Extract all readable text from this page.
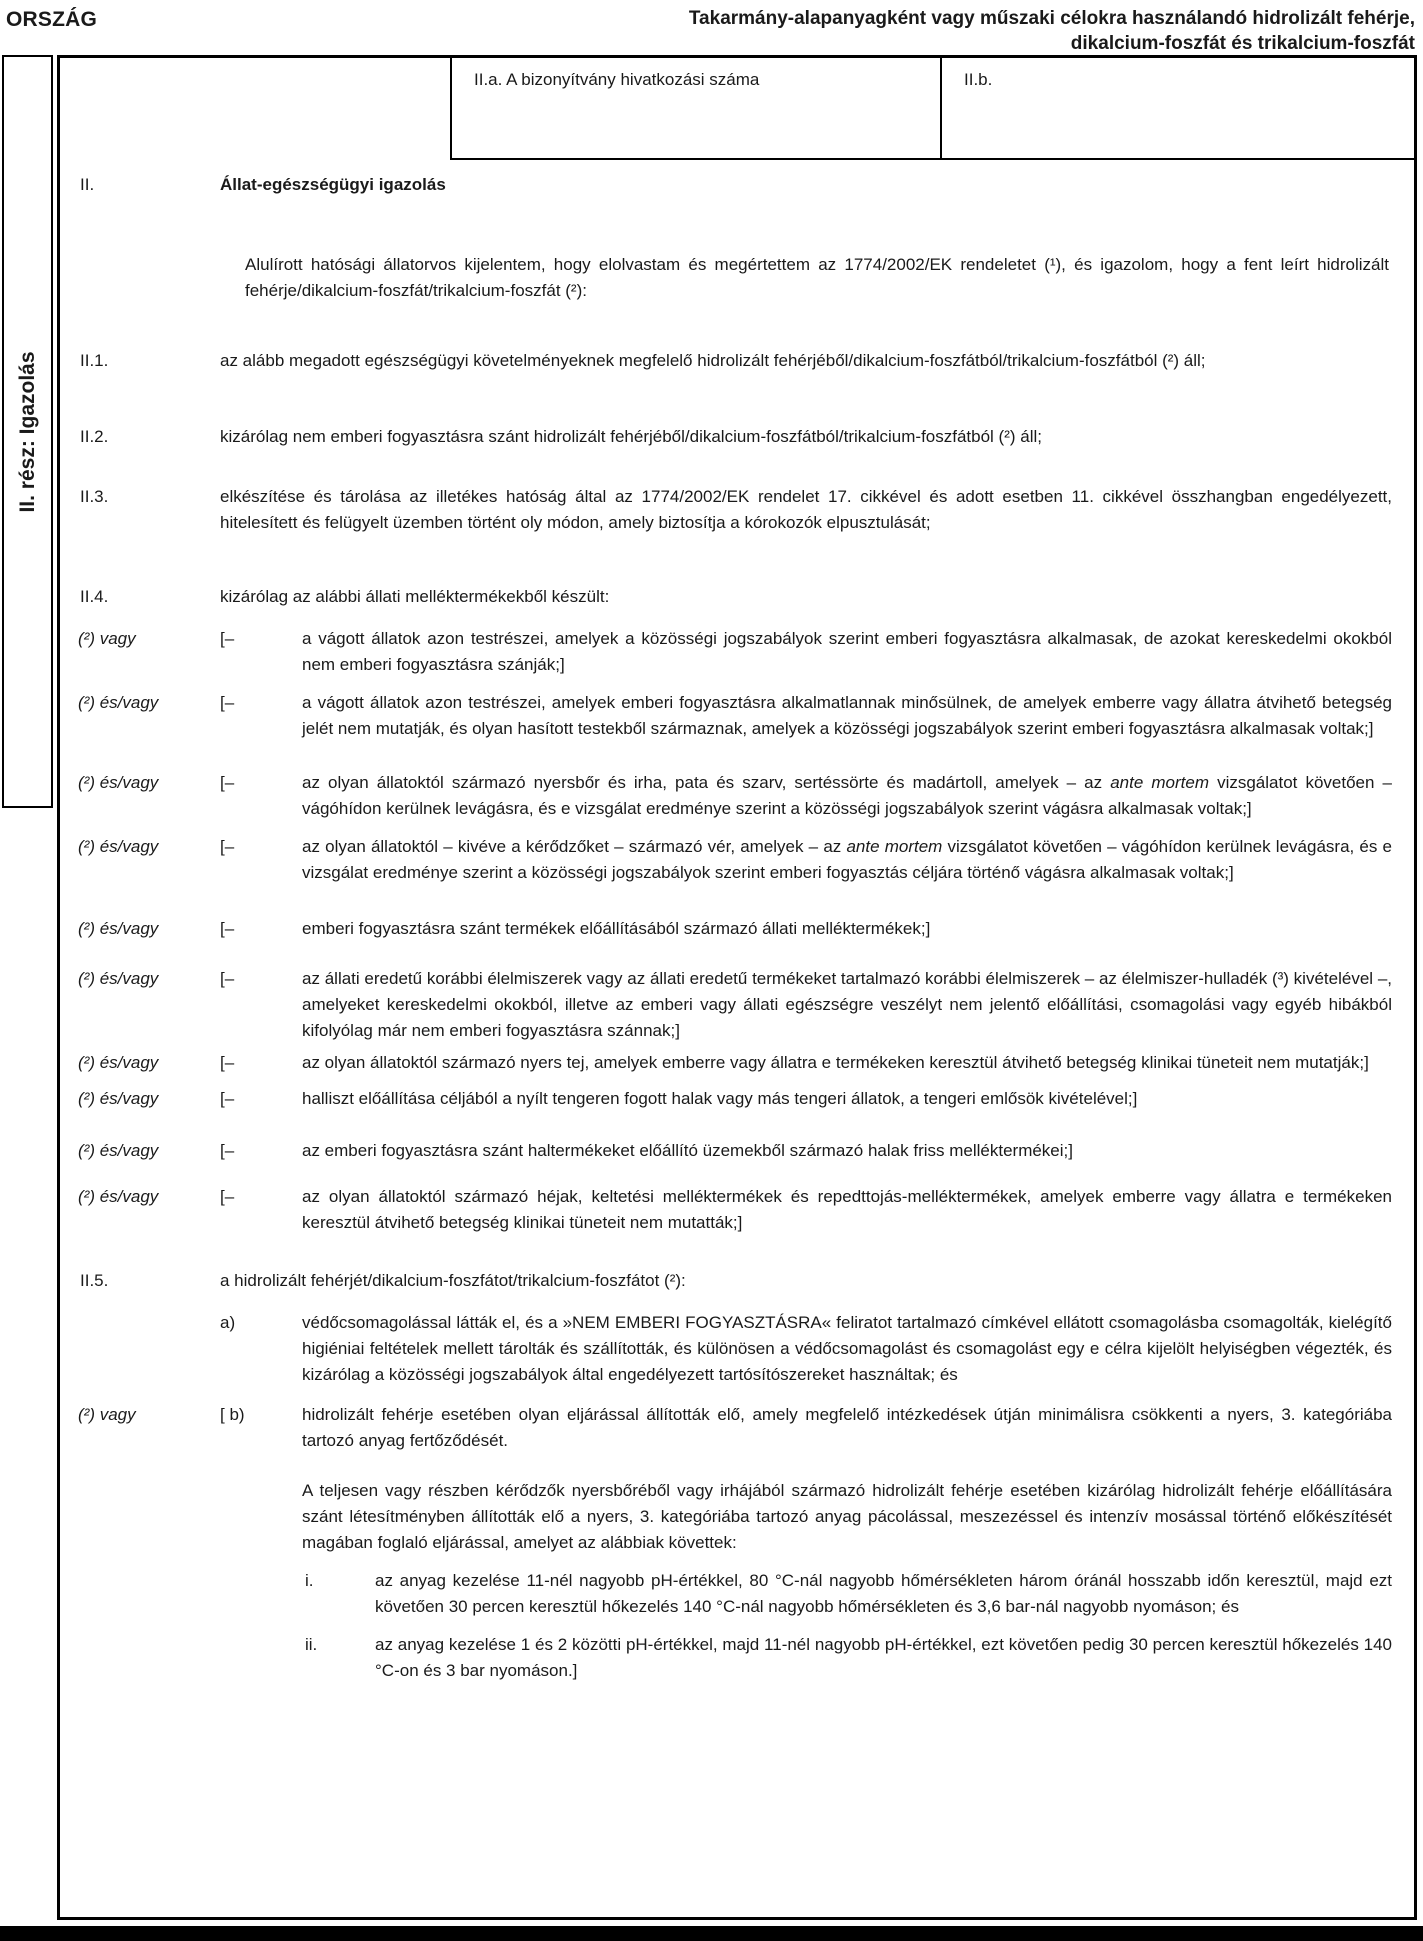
ORSZÁG	Takarmány-alapanyagként vagy műszaki célokra használandó hidrolizált fehérje,
dikalcium-foszfát és trikalcium-foszfát
II. rész: Igazolás
II.a. A bizonyítvány hivatkozási száma	II.b.
II.	Állat-egészségügyi igazolás
Alulírott hatósági állatorvos kijelentem, hogy elolvastam és megértettem az 1774/2002/EK rendeletet (¹), és igazolom, hogy a fent leírt hidrolizált fehérje/dikalcium-foszfát/trikalcium-foszfát (²):
II.1.	az alább megadott egészségügyi követelményeknek megfelelő hidrolizált fehérjéből/dikalcium-foszfátból/trikalcium-foszfátból (²) áll;
II.2.	kizárólag nem emberi fogyasztásra szánt hidrolizált fehérjéből/dikalcium-foszfátból/trikalcium-foszfátból (²) áll;
II.3.	elkészítése és tárolása az illetékes hatóság által az 1774/2002/EK rendelet 17. cikkével és adott esetben 11. cikkével összhangban engedélyezett, hitelesített és felügyelt üzemben történt oly módon, amely biztosítja a kórokozók elpusztulását;
II.4.	kizárólag az alábbi állati melléktermékekből készült:
(²) vagy	[–	a vágott állatok azon testrészei, amelyek a közösségi jogszabályok szerint emberi fogyasztásra alkalmasak, de azokat kereskedelmi okokból nem emberi fogyasztásra szánják;]
(²) és/vagy	[–	a vágott állatok azon testrészei, amelyek emberi fogyasztásra alkalmatlannak minősülnek, de amelyek emberre vagy állatra átvihető betegség jelét nem mutatják, és olyan hasított testekből származnak, amelyek a közösségi jogszabályok szerint emberi fogyasztásra alkalmasak voltak;]
(²) és/vagy	[–	az olyan állatoktól származó nyersbőr és irha, pata és szarv, sertéssörte és madártoll, amelyek – az ante mortem vizsgálatot követően – vágóhídon kerülnek levágásra, és e vizsgálat eredménye szerint a közösségi jogszabályok szerint vágásra alkalmasak voltak;]
(²) és/vagy	[–	az olyan állatoktól – kivéve a kérődzőket – származó vér, amelyek – az ante mortem vizsgálatot követően – vágóhídon kerülnek levágásra, és e vizsgálat eredménye szerint a közösségi jogszabályok szerint emberi fogyasztás céljára történő vágásra alkalmasak voltak;]
(²) és/vagy	[–	emberi fogyasztásra szánt termékek előállításából származó állati melléktermékek;]
(²) és/vagy	[–	az állati eredetű korábbi élelmiszerek vagy az állati eredetű termékeket tartalmazó korábbi élelmiszerek – az élelmiszer-hulladék (³) kivételével –, amelyeket kereskedelmi okokból, illetve az emberi vagy állati egészségre veszélyt nem jelentő előállítási, csomagolási vagy egyéb hibákból kifolyólag már nem emberi fogyasztásra szánnak;]
(²) és/vagy	[–	az olyan állatoktól származó nyers tej, amelyek emberre vagy állatra e termékeken keresztül átvihető betegség klinikai tüneteit nem mutatják;]
(²) és/vagy	[–	halliszt előállítása céljából a nyílt tengeren fogott halak vagy más tengeri állatok, a tengeri emlősök kivételével;]
(²) és/vagy	[–	az emberi fogyasztásra szánt haltermékeket előállító üzemekből származó halak friss melléktermékei;]
(²) és/vagy	[–	az olyan állatoktól származó héjak, keltetési melléktermékek és repedttojás-melléktermékek, amelyek emberre vagy állatra e termékeken keresztül átvihető betegség klinikai tüneteit nem mutatták;]
II.5.	a hidrolizált fehérjét/dikalcium-foszfátot/trikalcium-foszfátot (²):
a)	védőcsomagolással látták el, és a »NEM EMBERI FOGYASZTÁSRA« feliratot tartalmazó címkével ellátott csomagolásba csomagolták, kielégítő higiéniai feltételek mellett tárolták és szállították, és különösen a védőcsomagolást és csomagolást egy e célra kijelölt helyiségben végezték, és kizárólag a közösségi jogszabályok által engedélyezett tartósítószereket használtak; és
(²) vagy	[ b)	hidrolizált fehérje esetében olyan eljárással állították elő, amely megfelelő intézkedések útján minimálisra csökkenti a nyers, 3. kategóriába tartozó anyag fertőződését.
A teljesen vagy részben kérődzők nyersbőréből vagy irhájából származó hidrolizált fehérje esetében kizárólag hidrolizált fehérje előállítására szánt létesítményben állították elő a nyers, 3. kategóriába tartozó anyag pácolással, meszezéssel és intenzív mosással történő előkészítését magában foglaló eljárással, amelyet az alábbiak követtek:
i.	az anyag kezelése 11-nél nagyobb pH-értékkel, 80 °C-nál nagyobb hőmérsékleten három óránál hosszabb időn keresztül, majd ezt követően 30 percen keresztül hőkezelés 140 °C-nál nagyobb hőmérsékleten és 3,6 bar-nál nagyobb nyomáson; és
ii.	az anyag kezelése 1 és 2 közötti pH-értékkel, majd 11-nél nagyobb pH-értékkel, ezt követően pedig 30 percen keresztül hőkezelés 140 °C-on és 3 bar nyomáson.]
